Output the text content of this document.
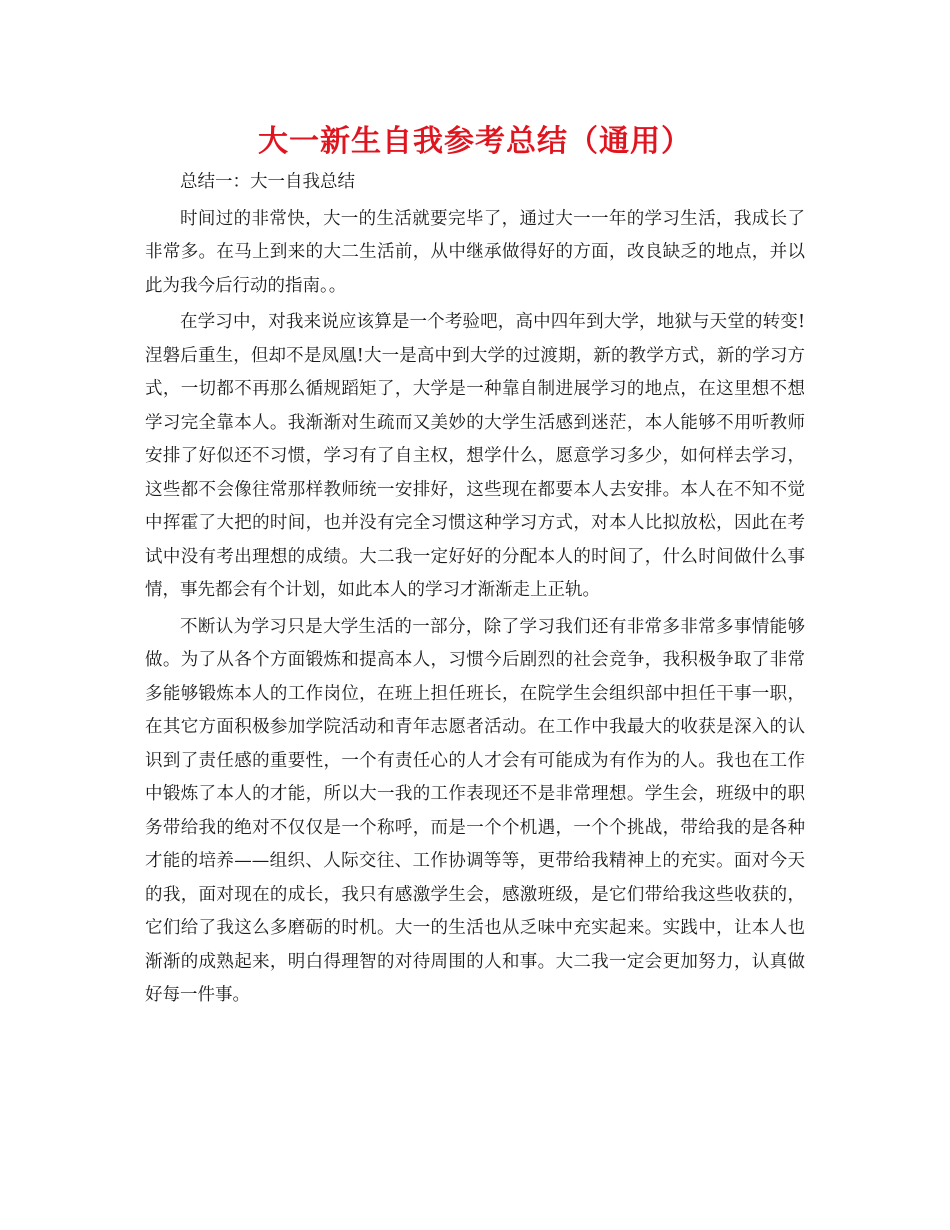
大一新生自我参考总结（通用）

总结一：大一自我总结

时间过的非常快，大一的生活就要完毕了，通过大一一年的学习生活，我成长了非常多。在马上到来的大二生活前，从中继承做得好的方面，改良缺乏的地点，并以此为我今后行动的指南。。

在学习中，对我来说应该算是一个考验吧，高中四年到大学，地狱与天堂的转变!涅磐后重生，但却不是凤凰!大一是高中到大学的过渡期，新的教学方式，新的学习方式，一切都不再那么循规蹈矩了，大学是一种靠自制进展学习的地点，在这里想不想学习完全靠本人。我渐渐对生疏而又美妙的大学生活感到迷茫，本人能够不用听教师安排了好似还不习惯，学习有了自主权，想学什么，愿意学习多少，如何样去学习，这些都不会像往常那样教师统一安排好，这些现在都要本人去安排。本人在不知不觉中挥霍了大把的时间，也并没有完全习惯这种学习方式，对本人比拟放松，因此在考试中没有考出理想的成绩。大二我一定好好的分配本人的时间了，什么时间做什么事情，事先都会有个计划，如此本人的学习才渐渐走上正轨。

不断认为学习只是大学生活的一部分，除了学习我们还有非常多非常多事情能够做。为了从各个方面锻炼和提高本人，习惯今后剧烈的社会竞争，我积极争取了非常多能够锻炼本人的工作岗位，在班上担任班长，在院学生会组织部中担任干事一职，在其它方面积极参加学院活动和青年志愿者活动。在工作中我最大的收获是深入的认识到了责任感的重要性，一个有责任心的人才会有可能成为有作为的人。我也在工作中锻炼了本人的才能，所以大一我的工作表现还不是非常理想。学生会，班级中的职务带给我的绝对不仅仅是一个称呼，而是一个个机遇，一个个挑战，带给我的是各种才能的培养——组织、人际交往、工作协调等等，更带给我精神上的充实。面对今天的我，面对现在的成长，我只有感激学生会，感激班级，是它们带给我这些收获的，它们给了我这么多磨砺的时机。大一的生活也从乏味中充实起来。实践中，让本人也渐渐的成熟起来，明白得理智的对待周围的人和事。大二我一定会更加努力，认真做好每一件事。
